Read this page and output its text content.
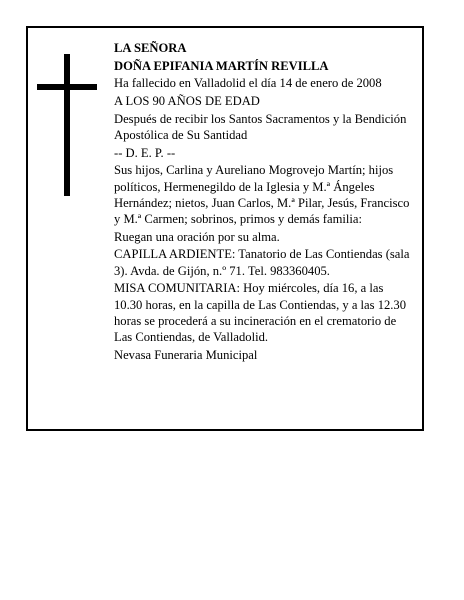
LA SEÑORA

DOÑA EPIFANIA MARTÍN REVILLA

Ha fallecido en Valladolid el día 14 de enero de 2008

A LOS 90 AÑOS DE EDAD

Después de recibir los Santos Sacramentos y la Bendición Apostólica de Su Santidad

-- D. E. P. --

Sus hijos, Carlina y Aureliano Mogrovejo Martín; hijos políticos, Hermenegildo de la Iglesia y M.ª Ángeles Hernández; nietos, Juan Carlos, M.ª Pilar, Jesús, Francisco y M.ª Carmen; sobrinos, primos y demás familia:

Ruegan una oración por su alma.

CAPILLA ARDIENTE: Tanatorio de Las Contiendas (sala 3). Avda. de Gijón, n.º 71. Tel. 983360405.

MISA COMUNITARIA: Hoy miércoles, día 16, a las 10.30 horas, en la capilla de Las Contiendas, y a las 12.30 horas se procederá a su incineración en el crematorio de Las Contiendas, de Valladolid.

Nevasa Funeraria Municipal
